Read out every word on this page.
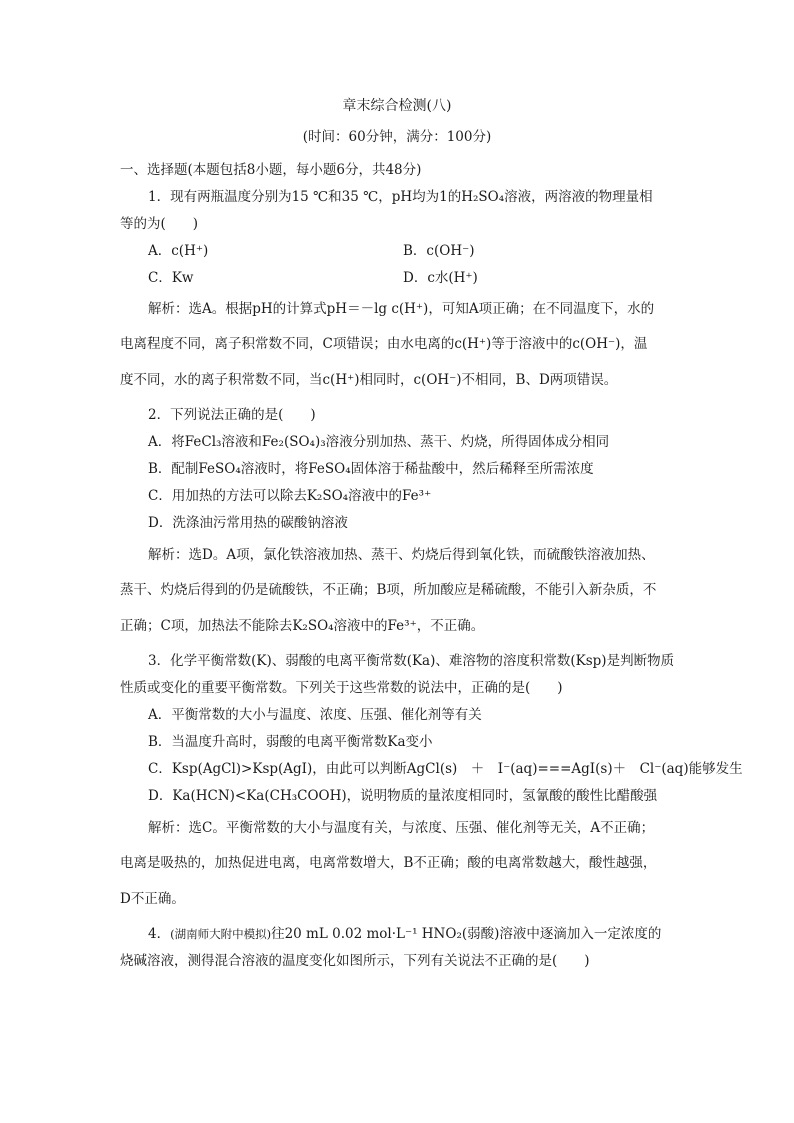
章末综合检测(八)
(时间：60分钟，满分：100分)
一、选择题(本题包括8小题，每小题6分，共48分)
1．现有两瓶温度分别为15 ℃和35 ℃，pH均为1的H₂SO₄溶液，两溶液的物理量相
等的为(　　)
A．c(H⁺)	B．c(OH⁻)
C．Kw	D．c水(H⁺)
解析：选A。根据pH的计算式pH＝－lg c(H⁺)，可知A项正确；在不同温度下，水的
电离程度不同，离子积常数不同，C项错误；由水电离的c(H⁺)等于溶液中的c(OH⁻)，温
度不同，水的离子积常数不同，当c(H⁺)相同时，c(OH⁻)不相同，B、D两项错误。
2．下列说法正确的是(　　)
A．将FeCl₃溶液和Fe₂(SO₄)₃溶液分别加热、蒸干、灼烧，所得固体成分相同
B．配制FeSO₄溶液时，将FeSO₄固体溶于稀盐酸中，然后稀释至所需浓度
C．用加热的方法可以除去K₂SO₄溶液中的Fe³⁺
D．洗涤油污常用热的碳酸钠溶液
解析：选D。A项，氯化铁溶液加热、蒸干、灼烧后得到氧化铁，而硫酸铁溶液加热、
蒸干、灼烧后得到的仍是硫酸铁，不正确；B项，所加酸应是稀硫酸，不能引入新杂质，不
正确；C项，加热法不能除去K₂SO₄溶液中的Fe³⁺，不正确。
3．化学平衡常数(K)、弱酸的电离平衡常数(Ka)、难溶物的溶度积常数(Ksp)是判断物质
性质或变化的重要平衡常数。下列关于这些常数的说法中，正确的是(　　)
A．平衡常数的大小与温度、浓度、压强、催化剂等有关
B．当温度升高时，弱酸的电离平衡常数Ka变小
C．Ksp(AgCl)>Ksp(AgI)，由此可以判断AgCl(s)　＋　I⁻(aq)===AgI(s)＋　Cl⁻(aq)能够发生
D．Ka(HCN)<Ka(CH₃COOH)，说明物质的量浓度相同时，氢氰酸的酸性比醋酸强
解析：选C。平衡常数的大小与温度有关，与浓度、压强、催化剂等无关，A不正确；
电离是吸热的，加热促进电离，电离常数增大，B不正确；酸的电离常数越大，酸性越强，
D不正确。
4．(湖南师大附中模拟)往20 mL 0.02 mol·L⁻¹ HNO₂(弱酸)溶液中逐滴加入一定浓度的
烧碱溶液，测得混合溶液的温度变化如图所示，下列有关说法不正确的是(　　)
